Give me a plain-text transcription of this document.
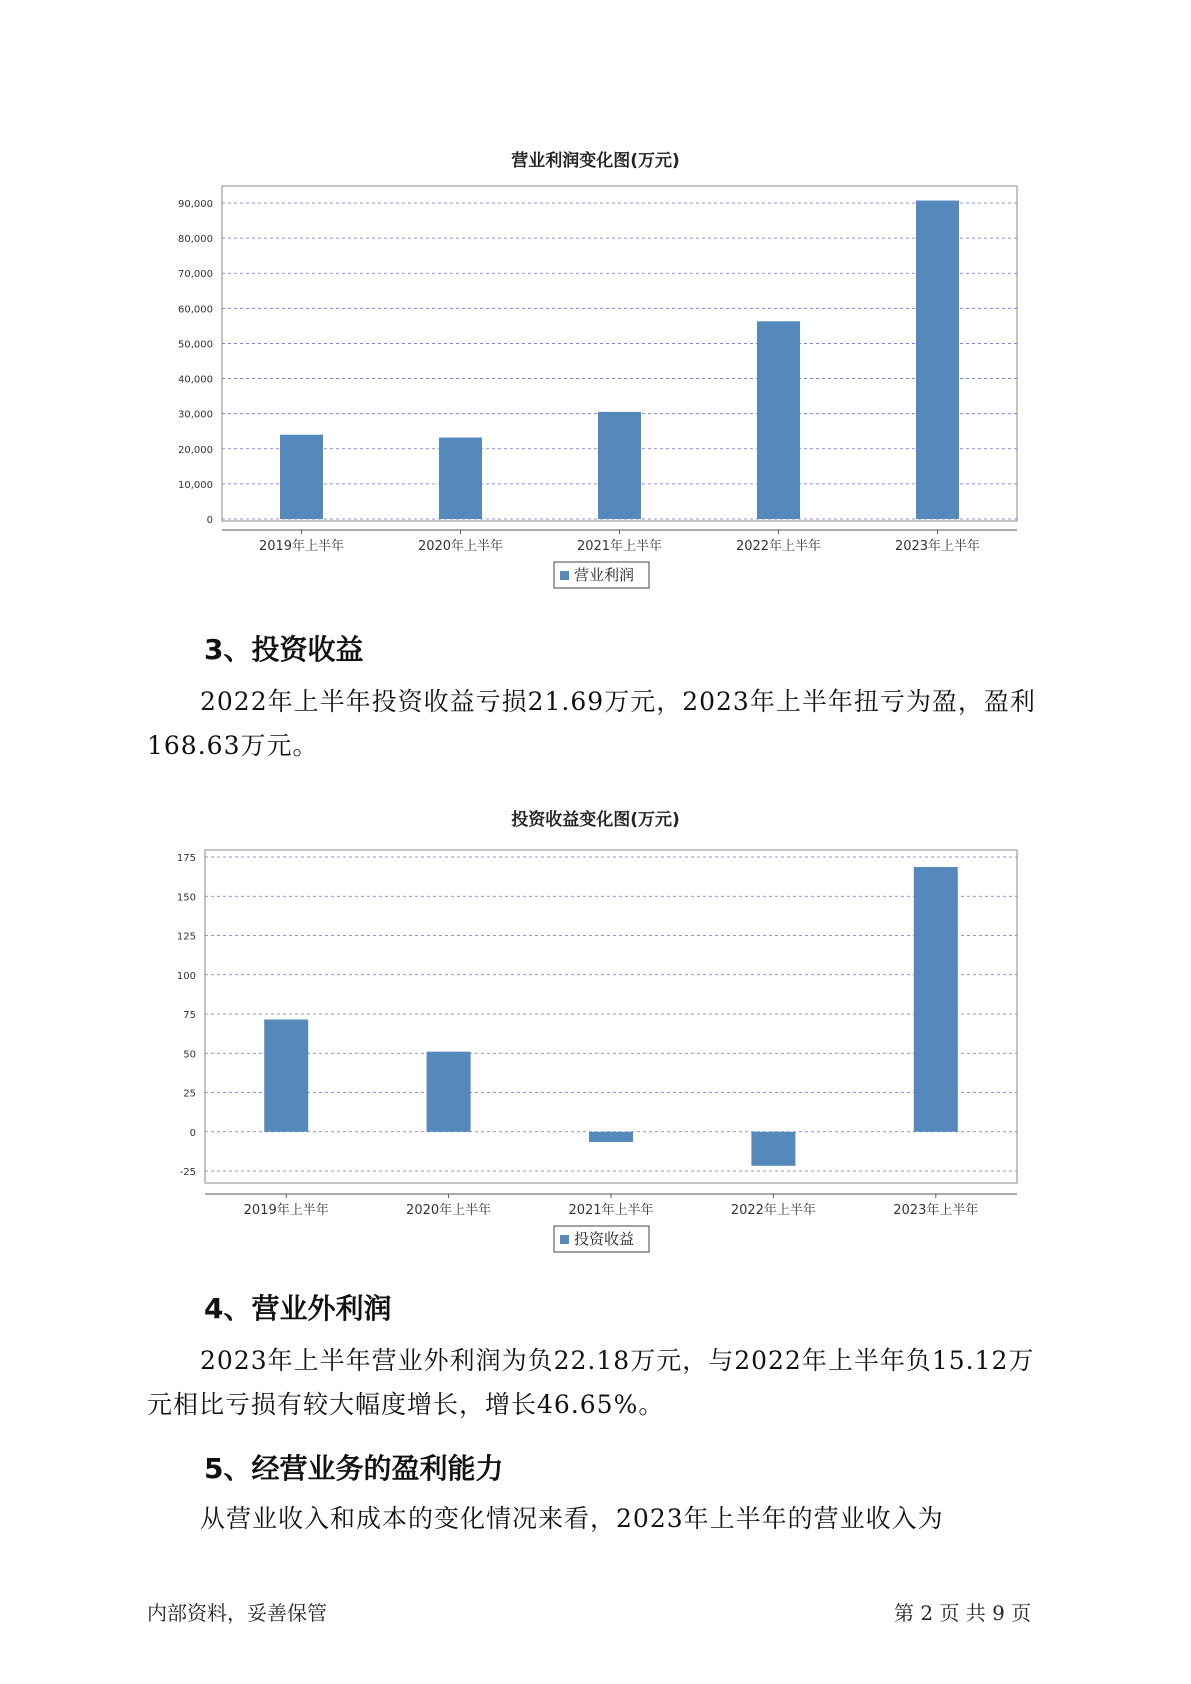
营业利润变化图(万元)
0
10,000
20,000
30,000
40,000
50,000
60,000
70,000
80,000
90,000
2019年上半年	2020年上半年	2021年上半年	2022年上半年	2023年上半年
营业利润
3、投资收益
2022年上半年投资收益亏损21.69万元，2023年上半年扭亏为盈，盈利
168.63万元。
投资收益变化图(万元)
-25
0
25
50
75
100
125
150
175
2019年上半年	2020年上半年	2021年上半年	2022年上半年	2023年上半年
投资收益
4、营业外利润
2023年上半年营业外利润为负22.18万元，与2022年上半年负15.12万
元相比亏损有较大幅度增长，增长46.65%。
5、经营业务的盈利能力
从营业收入和成本的变化情况来看，2023年上半年的营业收入为
内部资料，妥善保管	第 2 页 共 9 页
